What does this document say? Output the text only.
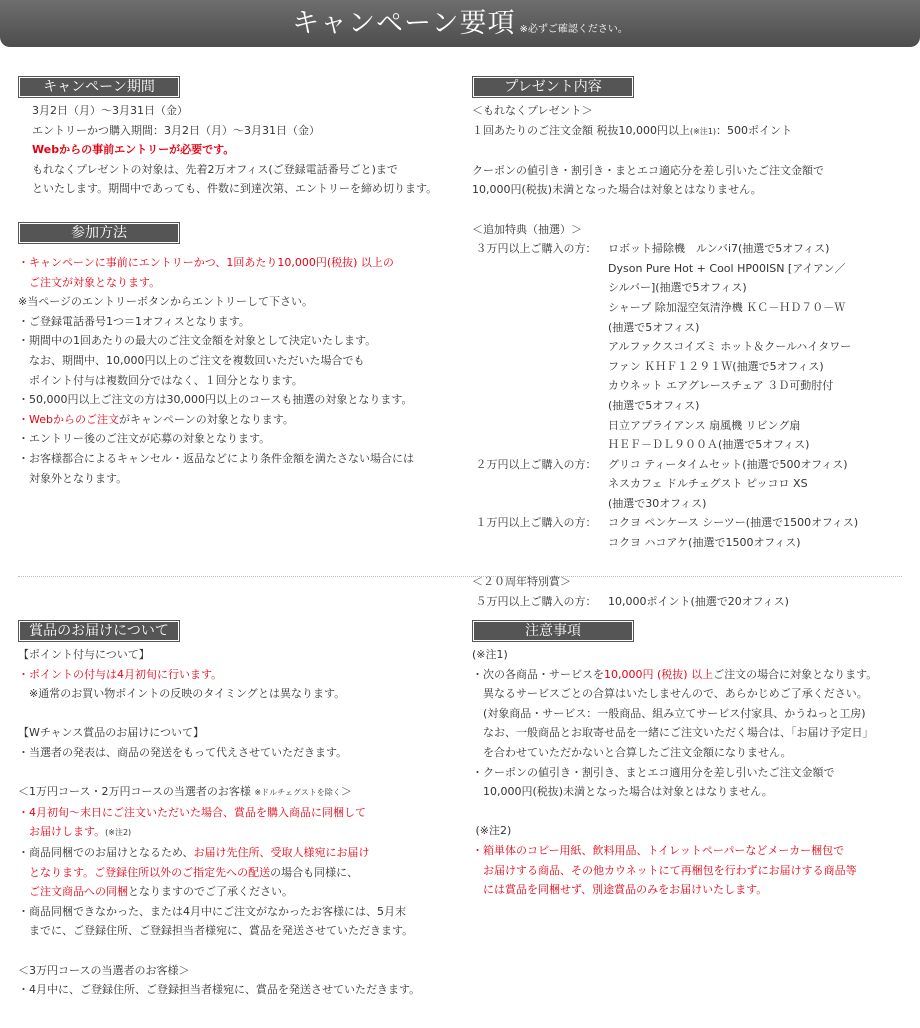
キャンペーン要項 ※必ずご確認ください。
キャンペーン期間

3月2日（月）～3月31日（金）

エントリーかつ購入期間：3月2日（月）～3月31日（金）

Webからの事前エントリーが必要です。

もれなくプレゼントの対象は、先着2万オフィス(ご登録電話番号ごと)まで

といたします。期間中であっても、件数に到達次第、エントリーを締め切ります。

参加方法

・キャンペーンに事前にエントリーかつ、1回あたり10,000円(税抜) 以上の

　ご注文が対象となります。

※当ページのエントリーボタンからエントリーして下さい。

・ご登録電話番号1つ＝1オフィスとなります。

・期間中の1回あたりの最大のご注文金額を対象として決定いたします。

　なお、期間中、10,000円以上のご注文を複数回いただいた場合でも

　ポイント付与は複数回分ではなく、１回分となります。

・50,000円以上ご注文の方は30,000円以上のコースも抽選の対象となります。

・Webからのご注文がキャンペーンの対象となります。

・エントリー後のご注文が応募の対象となります。

・お客様都合によるキャンセル・返品などにより条件金額を満たさない場合には

　対象外となります。

プレゼント内容

＜もれなくプレゼント＞

１回あたりのご注文金額 税抜10,000円以上(※注1)：500ポイント

クーポンの値引き・割引き・まとエコ適応分を差し引いたご注文金額で

10,000円(税抜)未満となった場合は対象とはなりません。

＜追加特典（抽選）＞

３万円以上ご購入の方：	ロボット掃除機　ルンバi7(抽選で5オフィス)

Dyson Pure Hot + Cool HP00ISN [アイアン／

シルバー](抽選で5オフィス)

シャープ 除加湿空気清浄機 ＫＣ－ＨＤ７０－Ｗ

(抽選で5オフィス)

アルファクスコイズミ ホット＆クールハイタワー

ファン ＫＨＦ１２９１Ｗ(抽選で5オフィス)

カウネット エアグレースチェア ３Ｄ可動肘付

(抽選で5オフィス)

日立アプライアンス 扇風機 リビング扇

ＨＥＦ－ＤＬ９００Ａ(抽選で5オフィス)

２万円以上ご購入の方：	グリコ ティータイムセット(抽選で500オフィス)

ネスカフェ ドルチェグスト ピッコロ XS

(抽選で30オフィス)

１万円以上ご購入の方：	コクヨ ペンケース シーツー(抽選で1500オフィス)

コクヨ ハコアケ(抽選で1500オフィス)

＜２０周年特別賞＞

５万円以上ご購入の方：	10,000ポイント(抽選で20オフィス)

賞品のお届けについて

【ポイント付与について】

・ポイントの付与は4月初旬に行います。

　※通常のお買い物ポイントの反映のタイミングとは異なります。

【Wチャンス賞品のお届けについて】

・当選者の発表は、商品の発送をもって代えさせていただきます。

＜1万円コース・2万円コースの当選者のお客様 ※ドルチェグストを除く＞

・4月初旬～末日にご注文いただいた場合、賞品を購入商品に同梱して

　お届けします。(※注2)

・商品同梱でのお届けとなるため、お届け先住所、受取人様宛にお届け

　となります。ご登録住所以外のご指定先への配送の場合も同様に、

　ご注文商品への同梱となりますのでご了承ください。

・商品同梱できなかった、または4月中にご注文がなかったお客様には、5月末

　までに、ご登録住所、ご登録担当者様宛に、賞品を発送させていただきます。

＜3万円コースの当選者のお客様＞

・4月中に、ご登録住所、ご登録担当者様宛に、賞品を発送させていただきます。

注意事項

(※注1)

・次の各商品・サービスを10,000円 (税抜) 以上ご注文の場合に対象となります。

　異なるサービスごとの合算はいたしませんので、あらかじめご了承ください。

　(対象商品・サービス：一般商品、組み立てサービス付家具、かうねっと工房)

　なお、一般商品とお取寄せ品を一緒にご注文いただく場合は、「お届け予定日」

　を合わせていただかないと合算したご注文金額になりません。

・クーポンの値引き・割引き、まとエコ適用分を差し引いたご注文金額で

　10,000円(税抜)未満となった場合は対象とはなりません。

(※注2)

・箱単体のコピー用紙、飲料用品、トイレットペーパーなどメーカー梱包で

　お届けする商品、その他カウネットにて再梱包を行わずにお届けする商品等

　には賞品を同梱せず、別途賞品のみをお届けいたします。
